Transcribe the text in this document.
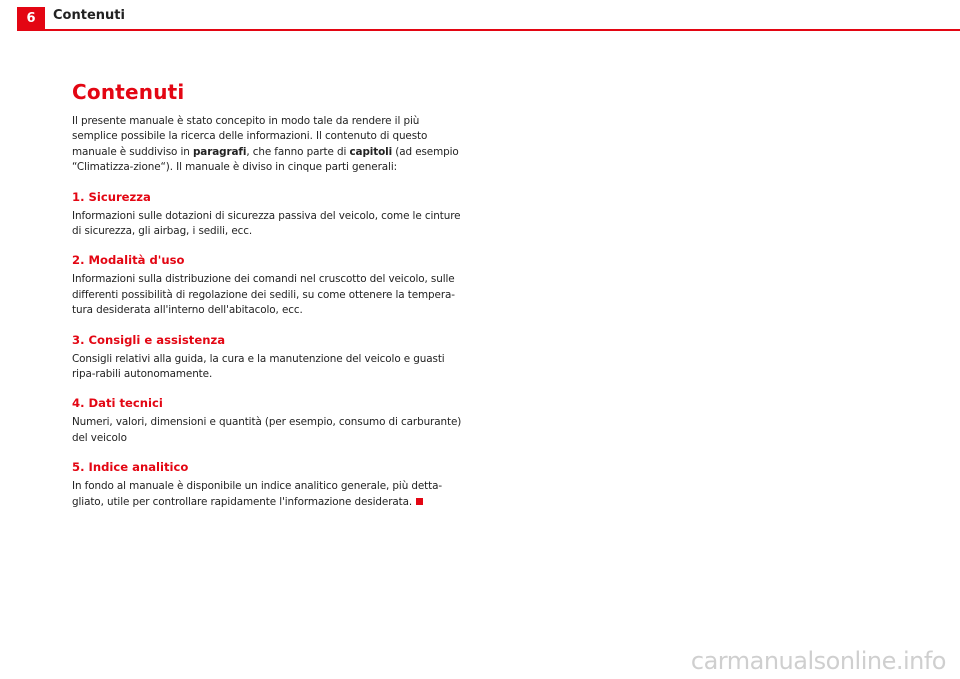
6	Contenuti
Contenuti

Il presente manuale è stato concepito in modo tale da rendere il più semplice possibile la ricerca delle informazioni. Il contenuto di questo manuale è suddiviso in paragrafi, che fanno parte di capitoli (ad esempio “Climatizza-zione“). Il manuale è diviso in cinque parti generali:

1. Sicurezza

Informazioni sulle dotazioni di sicurezza passiva del veicolo, come le cinture di sicurezza, gli airbag, i sedili, ecc.

2. Modalità d'uso

Informazioni sulla distribuzione dei comandi nel cruscotto del veicolo, sulle differenti possibilità di regolazione dei sedili, su come ottenere la tempera-tura desiderata all'interno dell'abitacolo, ecc.

3. Consigli e assistenza

Consigli relativi alla guida, la cura e la manutenzione del veicolo e guasti ripa-rabili autonomamente.

4. Dati tecnici

Numeri, valori, dimensioni e quantità (per esempio, consumo di carburante) del veicolo

5. Indice analitico

In fondo al manuale è disponibile un indice analitico generale, più detta-gliato, utile per controllare rapidamente l'informazione desiderata.

carmanualsonline.info
